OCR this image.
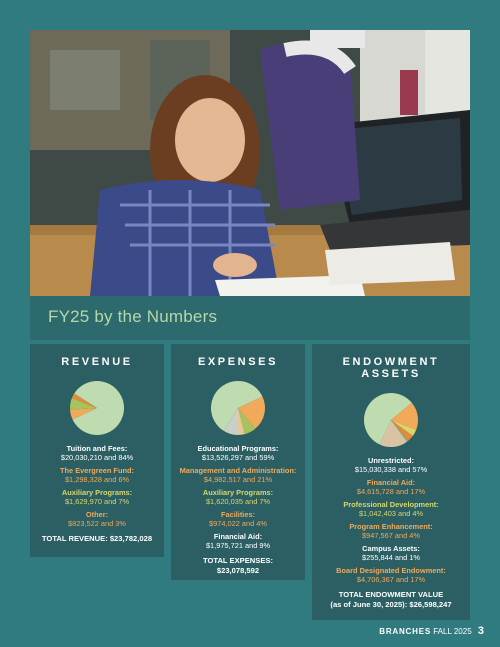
FY25 by the Numbers
REVENUE
Tuition and Fees:
$20,030,210 and 84%
The Evergreen Fund:
$1,298,328 and 6%
Auxiliary Programs:
$1,629,970 and 7%
Other:
$823,522 and 3%
TOTAL REVENUE: $23,782,028
EXPENSES
Educational Programs:
$13,526,297 and 59%
Management and Administration:
$4,982,517 and 21%
Auxiliary Programs:
$1,620,035 and 7%
Facilities:
$974,022 and 4%
Financial Aid:
$1,975,721 and 9%
TOTAL EXPENSES: $23,078,592
ENDOWMENT ASSETS
Unrestricted:
$15,030,338 and 57%
Financial Aid:
$4,615,728 and 17%
Professional Development:
$1,042,403 and 4%
Program Enhancement:
$947,567 and 4%
Campus Assets:
$255,844 and 1%
Board Designated Endowment:
$4,706,367 and 17%
TOTAL ENDOWMENT VALUE
(as of June 30, 2025): $26,598,247
BRANCHES FALL 2025 3
